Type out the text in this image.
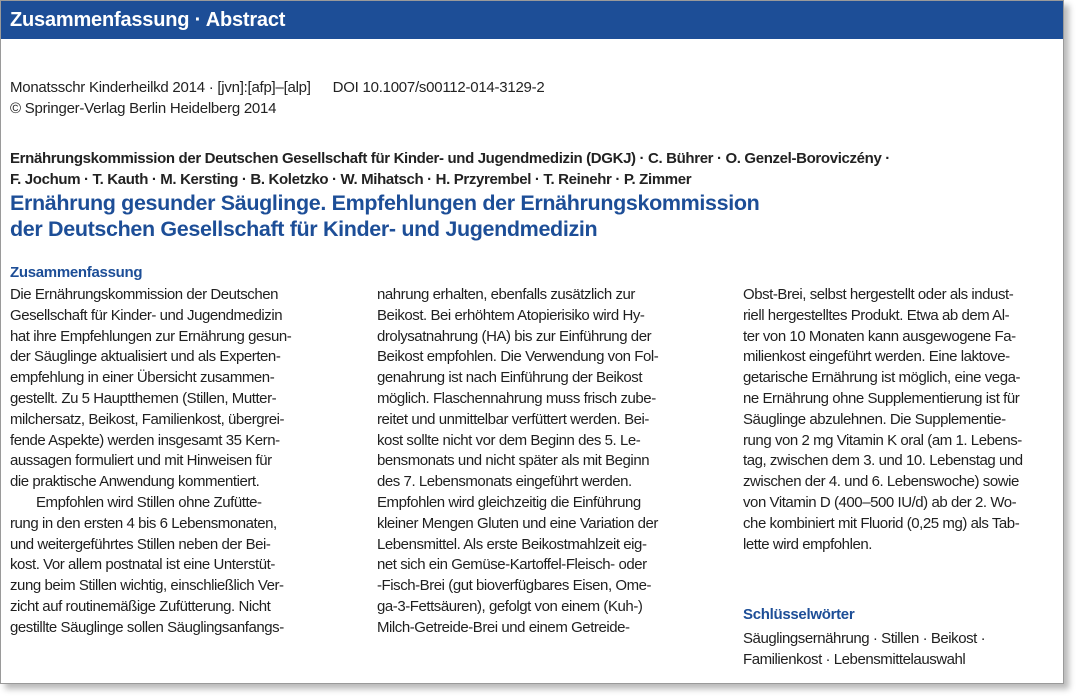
Zusammenfassung · Abstract
Monatsschr Kinderheilkd 2014 · [jvn]:[afp]–[alp] DOI 10.1007/s00112-014-3129-2
© Springer-Verlag Berlin Heidelberg 2014
Ernährungskommission der Deutschen Gesellschaft für Kinder- und Jugendmedizin (DGKJ) · C. Bührer · O. Genzel-Boroviczény ·
F. Jochum · T. Kauth · M. Kersting · B. Koletzko · W. Mihatsch · H. Przyrembel · T. Reinehr · P. Zimmer
Ernährung gesunder Säuglinge. Empfehlungen der Ernährungskommission
der Deutschen Gesellschaft für Kinder- und Jugendmedizin
Zusammenfassung
Die Ernährungskommission der Deutschen
Gesellschaft für Kinder- und Jugendmedizin
hat ihre Empfehlungen zur Ernährung gesun-
der Säuglinge aktualisiert und als Experten-
empfehlung in einer Übersicht zusammen-
gestellt. Zu 5 Hauptthemen (Stillen, Mutter-
milchersatz, Beikost, Familienkost, übergrei-
fende Aspekte) werden insgesamt 35 Kern-
aussagen formuliert und mit Hinweisen für
die praktische Anwendung kommentiert.
Empfohlen wird Stillen ohne Zufütte-
rung in den ersten 4 bis 6 Lebensmonaten,
und weitergeführtes Stillen neben der Bei-
kost. Vor allem postnatal ist eine Unterstüt-
zung beim Stillen wichtig, einschließlich Ver-
zicht auf routinemäßige Zufütterung. Nicht
gestillte Säuglinge sollen Säuglingsanfangs-
nahrung erhalten, ebenfalls zusätzlich zur
Beikost. Bei erhöhtem Atopierisiko wird Hy-
drolysatnahrung (HA) bis zur Einführung der
Beikost empfohlen. Die Verwendung von Fol-
genahrung ist nach Einführung der Beikost
möglich. Flaschennahrung muss frisch zube-
reitet und unmittelbar verfüttert werden. Bei-
kost sollte nicht vor dem Beginn des 5. Le-
bensmonats und nicht später als mit Beginn
des 7. Lebensmonats eingeführt werden.
Empfohlen wird gleichzeitig die Einführung
kleiner Mengen Gluten und eine Variation der
Lebensmittel. Als erste Beikostmahlzeit eig-
net sich ein Gemüse-Kartoffel-Fleisch- oder
-Fisch-Brei (gut bioverfügbares Eisen, Ome-
ga-3-Fettsäuren), gefolgt von einem (Kuh-)
Milch-Getreide-Brei und einem Getreide-
Obst-Brei, selbst hergestellt oder als indust-
riell hergestelltes Produkt. Etwa ab dem Al-
ter von 10 Monaten kann ausgewogene Fa-
milienkost eingeführt werden. Eine laktove-
getarische Ernährung ist möglich, eine vega-
ne Ernährung ohne Supplementierung ist für
Säuglinge abzulehnen. Die Supplementie-
rung von 2 mg Vitamin K oral (am 1. Lebens-
tag, zwischen dem 3. und 10. Lebenstag und
zwischen der 4. und 6. Lebenswoche) sowie
von Vitamin D (400–500 IU/d) ab der 2. Wo-
che kombiniert mit Fluorid (0,25 mg) als Tab-
lette wird empfohlen.
Schlüsselwörter
Säuglingsernährung · Stillen · Beikost ·
Familienkost · Lebensmittelauswahl
